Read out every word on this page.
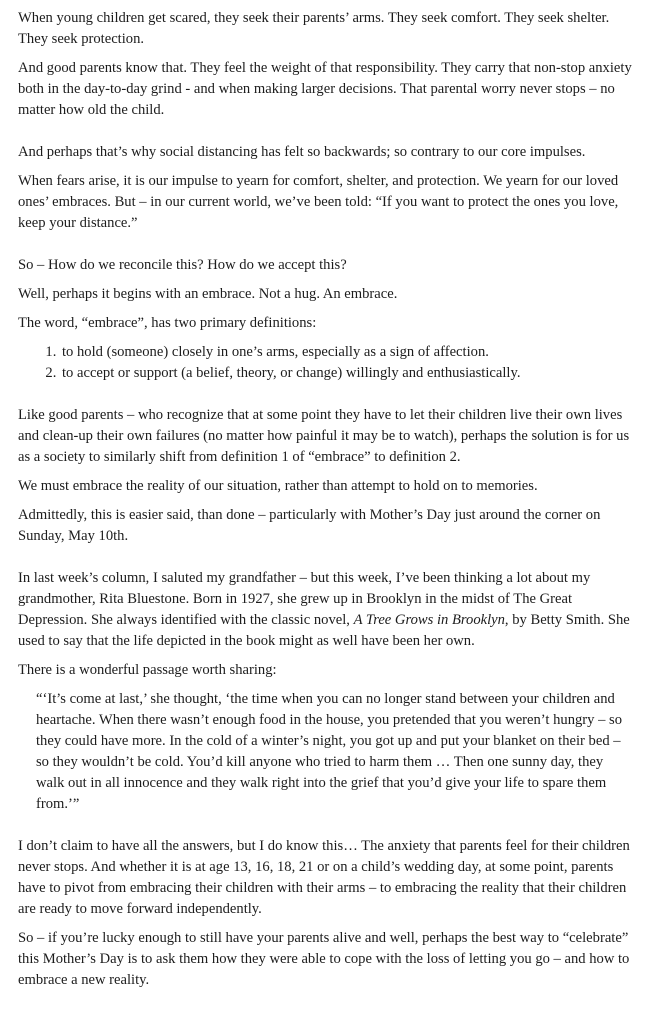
When young children get scared, they seek their parents’ arms. They seek comfort. They seek shelter. They seek protection.

And good parents know that. They feel the weight of that responsibility. They carry that non-stop anxiety both in the day-to-day grind - and when making larger decisions. That parental worry never stops – no matter how old the child.

And perhaps that’s why social distancing has felt so backwards; so contrary to our core impulses.

When fears arise, it is our impulse to yearn for comfort, shelter, and protection. We yearn for our loved ones’ embraces. But – in our current world, we’ve been told: “If you want to protect the ones you love, keep your distance.”

So – How do we reconcile this? How do we accept this?

Well, perhaps it begins with an embrace. Not a hug. An embrace.

The word, “embrace”, has two primary definitions:

1. to hold (someone) closely in one’s arms, especially as a sign of affection.
2. to accept or support (a belief, theory, or change) willingly and enthusiastically.

Like good parents – who recognize that at some point they have to let their children live their own lives and clean-up their own failures (no matter how painful it may be to watch), perhaps the solution is for us as a society to similarly shift from definition 1 of “embrace” to definition 2.

We must embrace the reality of our situation, rather than attempt to hold on to memories.

Admittedly, this is easier said, than done – particularly with Mother’s Day just around the corner on Sunday, May 10th.

In last week’s column, I saluted my grandfather – but this week, I’ve been thinking a lot about my grandmother, Rita Bluestone. Born in 1927, she grew up in Brooklyn in the midst of The Great Depression. She always identified with the classic novel, A Tree Grows in Brooklyn, by Betty Smith. She used to say that the life depicted in the book might as well have been her own.

There is a wonderful passage worth sharing:

“‘It’s come at last,’ she thought, ‘the time when you can no longer stand between your children and heartache. When there wasn’t enough food in the house, you pretended that you weren’t hungry – so they could have more. In the cold of a winter’s night, you got up and put your blanket on their bed – so they wouldn’t be cold. You’d kill anyone who tried to harm them … Then one sunny day, they walk out in all innocence and they walk right into the grief that you’d give your life to spare them from.’”

I don’t claim to have all the answers, but I do know this… The anxiety that parents feel for their children never stops. And whether it is at age 13, 16, 18, 21 or on a child’s wedding day, at some point, parents have to pivot from embracing their children with their arms – to embracing the reality that their children are ready to move forward independently.

So – if you’re lucky enough to still have your parents alive and well, perhaps the best way to “celebrate” this Mother’s Day is to ask them how they were able to cope with the loss of letting you go – and how to embrace a new reality.
